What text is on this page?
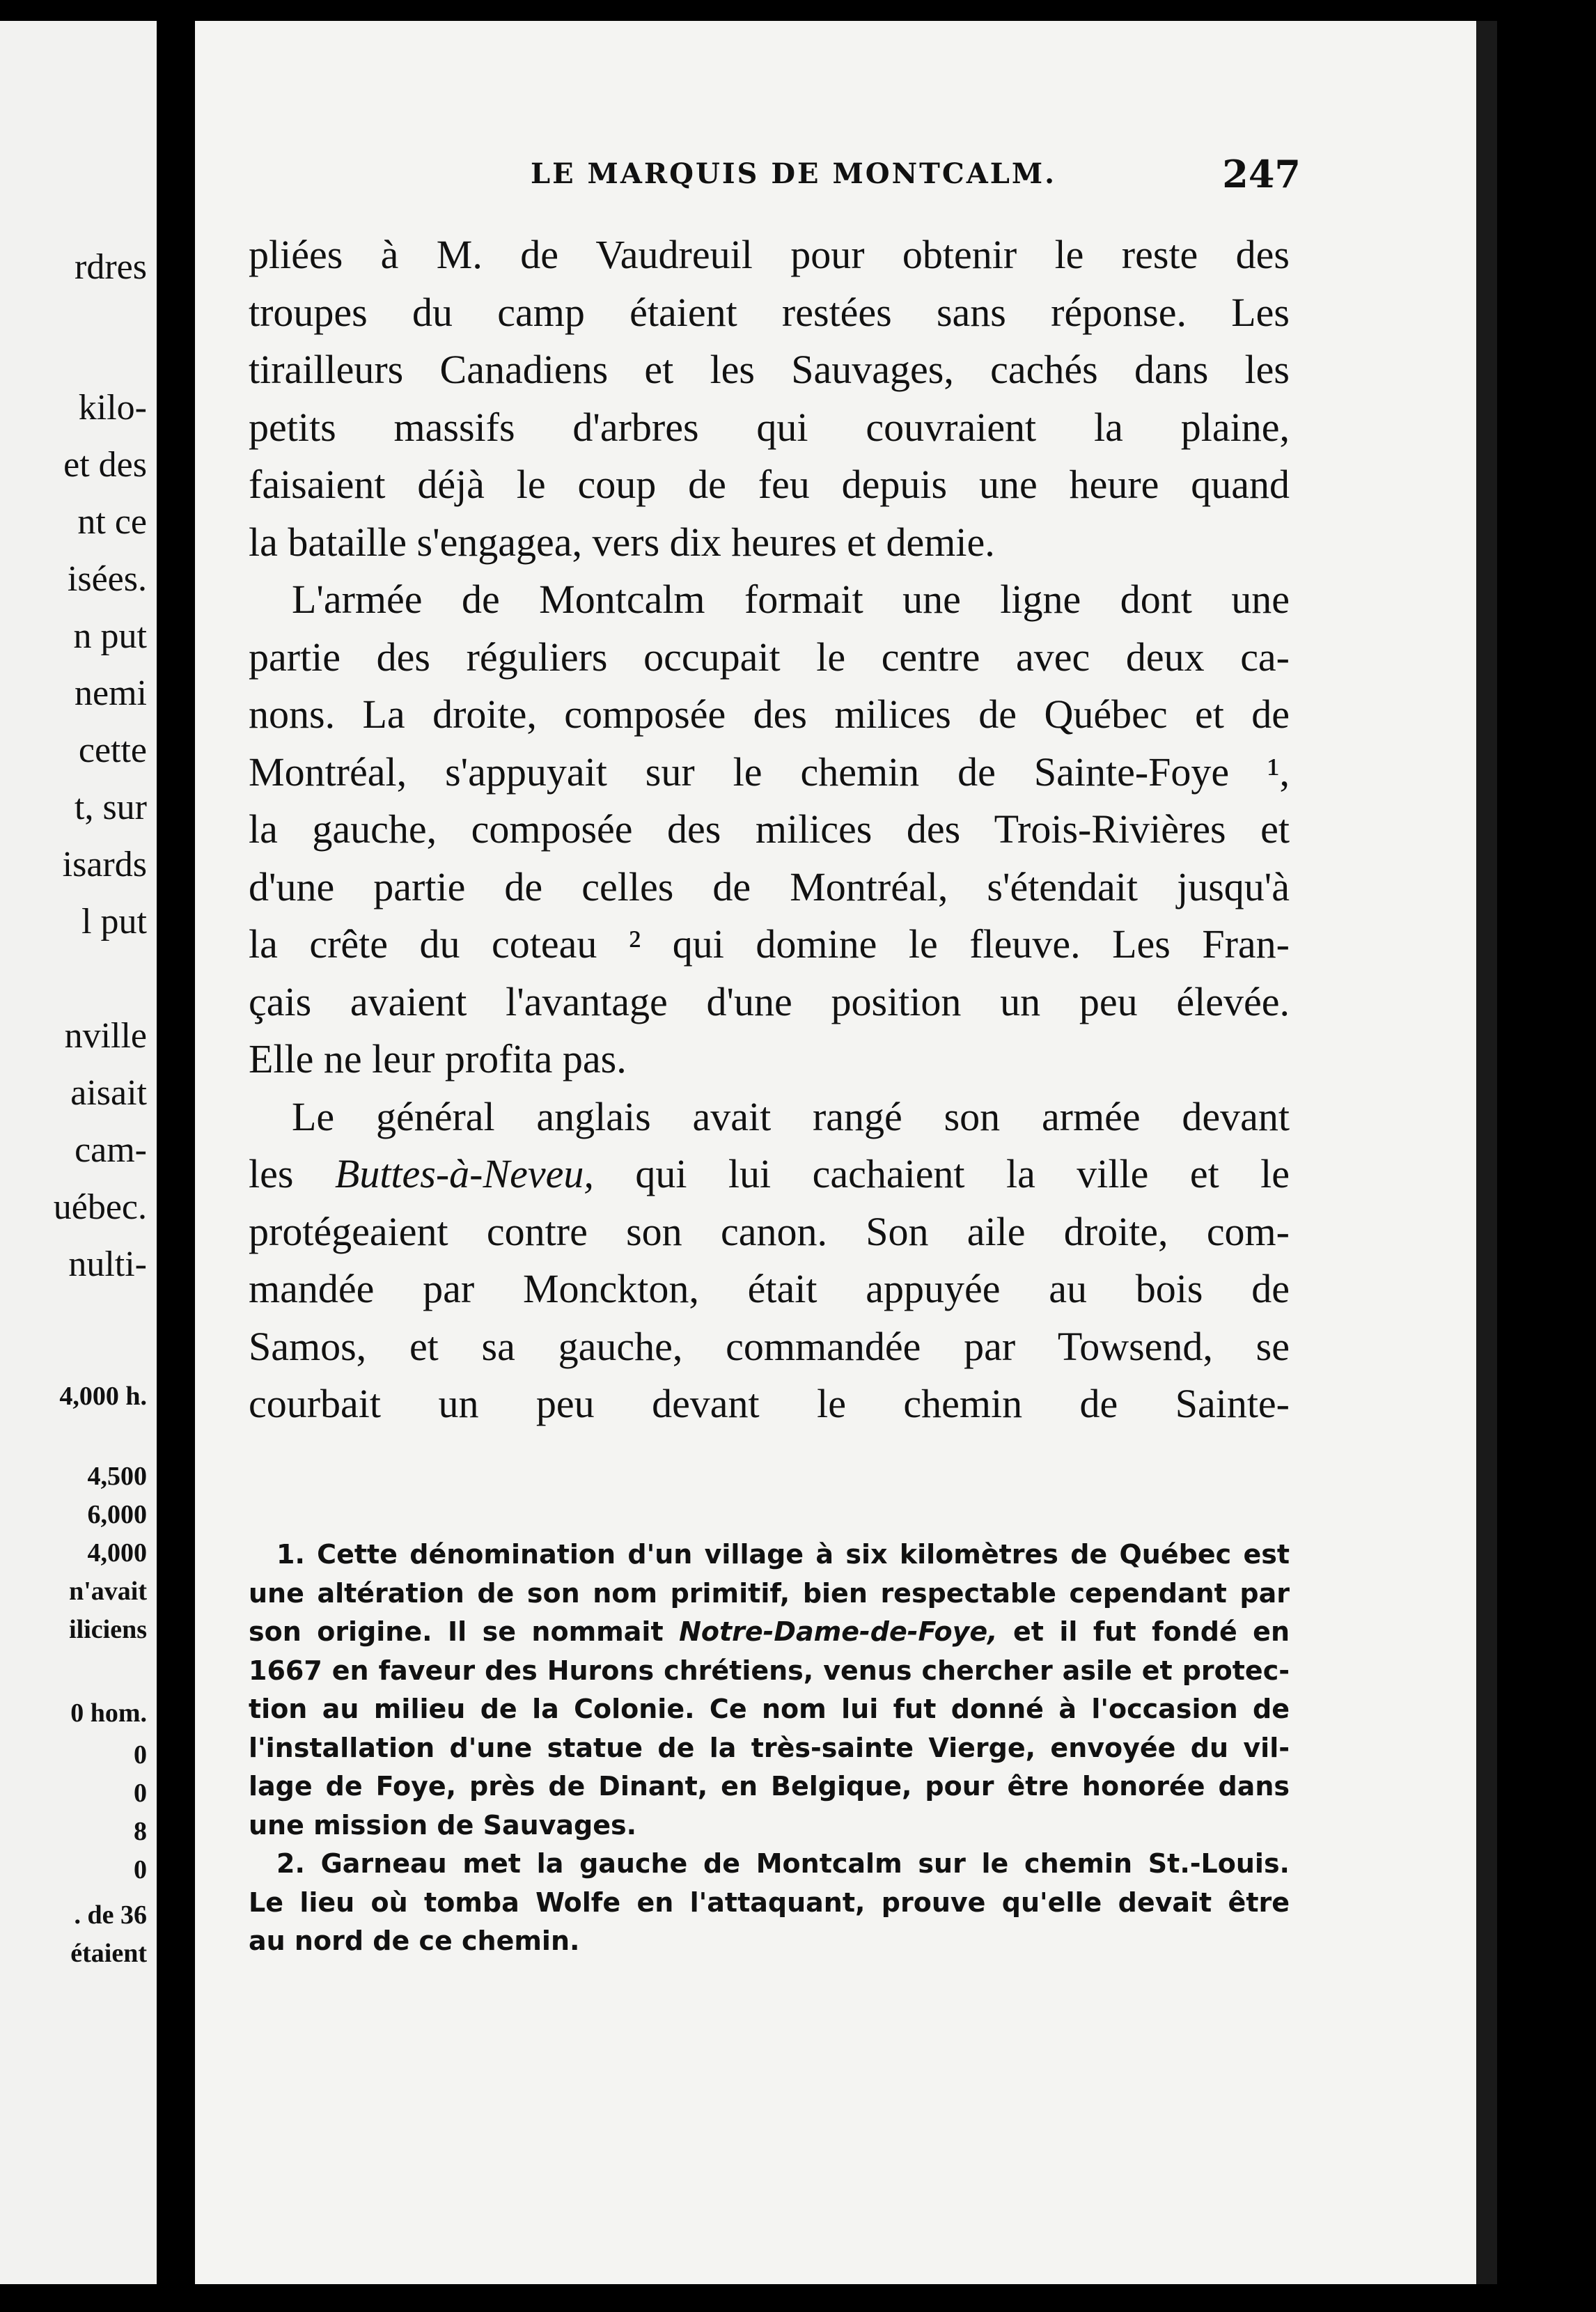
rdres
kilo-
et des
nt ce
isées.
n put
nemi
cette
t, sur
isards
l put
nville
aisait
cam-
uébec.
nulti-
4,000 h.
4,500
6,000
4,000
n'avait
iliciens
0 hom.
0
0
8
0
. de 36
étaient
LE MARQUIS DE MONTCALM.	247
pliées à M. de Vaudreuil pour obtenir le reste des
troupes du camp étaient restées sans réponse. Les
tirailleurs Canadiens et les Sauvages, cachés dans les
petits massifs d'arbres qui couvraient la plaine,
faisaient déjà le coup de feu depuis une heure quand
la bataille s'engagea, vers dix heures et demie.
L'armée de Montcalm formait une ligne dont une
partie des réguliers occupait le centre avec deux ca-
nons. La droite, composée des milices de Québec et de
Montréal, s'appuyait sur le chemin de Sainte-Foye ¹,
la gauche, composée des milices des Trois-Rivières et
d'une partie de celles de Montréal, s'étendait jusqu'à
la crête du coteau ² qui domine le fleuve. Les Fran-
çais avaient l'avantage d'une position un peu élevée.
Elle ne leur profita pas.
Le général anglais avait rangé son armée devant
les Buttes-à-Neveu, qui lui cachaient la ville et le
protégeaient contre son canon. Son aile droite, com-
mandée par Monckton, était appuyée au bois de
Samos, et sa gauche, commandée par Towsend, se
courbait un peu devant le chemin de Sainte-
1. Cette dénomination d'un village à six kilomètres de Québec est
une altération de son nom primitif, bien respectable cependant par
son origine. Il se nommait Notre-Dame-de-Foye, et il fut fondé en
1667 en faveur des Hurons chrétiens, venus chercher asile et protec-
tion au milieu de la Colonie. Ce nom lui fut donné à l'occasion de
l'installation d'une statue de la très-sainte Vierge, envoyée du vil-
lage de Foye, près de Dinant, en Belgique, pour être honorée dans
une mission de Sauvages.
2. Garneau met la gauche de Montcalm sur le chemin St.-Louis.
Le lieu où tomba Wolfe en l'attaquant, prouve qu'elle devait être
au nord de ce chemin.
